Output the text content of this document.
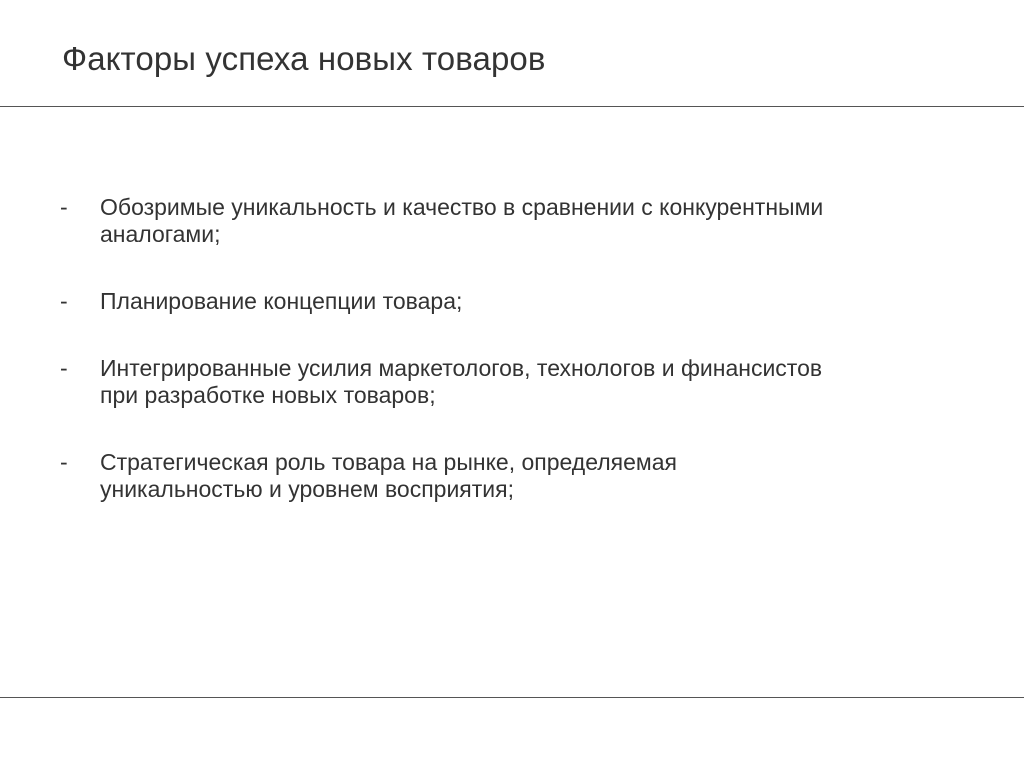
Факторы успеха новых товаров
-	Обозримые уникальность и качество в сравнении с конкурентными аналогами;
-	Планирование концепции товара;
-	Интегрированные усилия маркетологов, технологов и финансистов при разработке новых товаров;
-	Стратегическая роль товара на рынке, определяемая уникальностью и уровнем восприятия;
